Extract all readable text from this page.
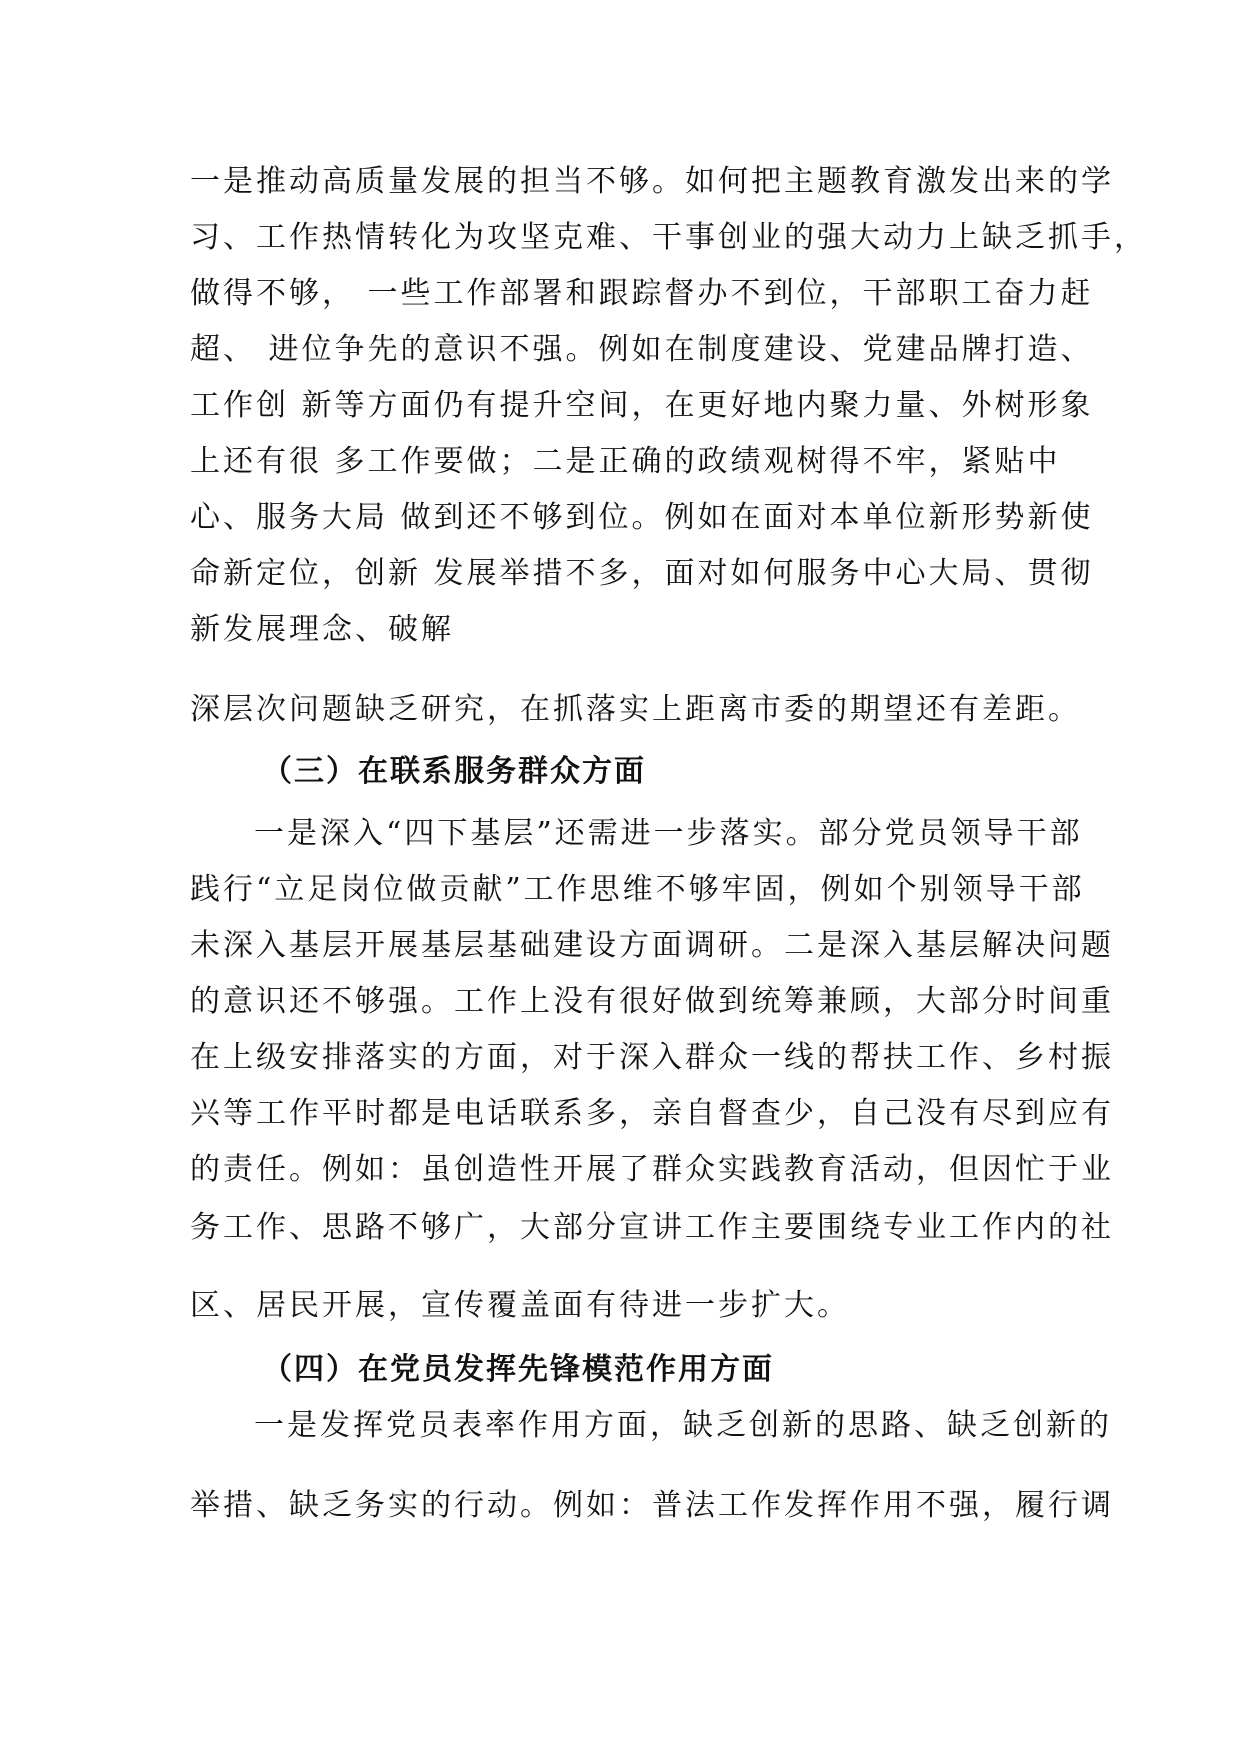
一是推动高质量发展的担当不够。如何把主题教育激发出来的学
习、工作热情转化为攻坚克难、干事创业的强大动力上缺乏抓手，
做得不够， 一些工作部署和跟踪督办不到位，干部职工奋力赶
超、 进位争先的意识不强。例如在制度建设、党建品牌打造、
工作创 新等方面仍有提升空间，在更好地内聚力量、外树形象
上还有很 多工作要做；二是正确的政绩观树得不牢，紧贴中
心、服务大局 做到还不够到位。例如在面对本单位新形势新使
命新定位，创新 发展举措不多，面对如何服务中心大局、贯彻
新发展理念、破解
深层次问题缺乏研究，在抓落实上距离市委的期望还有差距。
（三）在联系服务群众方面
一是深入“四下基层”还需进一步落实。部分党员领导干部
践行“立足岗位做贡献”工作思维不够牢固，例如个别领导干部
未深入基层开展基层基础建设方面调研。二是深入基层解决问题
的意识还不够强。工作上没有很好做到统筹兼顾，大部分时间重
在上级安排落实的方面，对于深入群众一线的帮扶工作、乡村振
兴等工作平时都是电话联系多，亲自督查少，自己没有尽到应有
的责任。例如：虽创造性开展了群众实践教育活动，但因忙于业
务工作、思路不够广，大部分宣讲工作主要围绕专业工作内的社
区、居民开展，宣传覆盖面有待进一步扩大。
（四）在党员发挥先锋模范作用方面
一是发挥党员表率作用方面，缺乏创新的思路、缺乏创新的
举措、缺乏务实的行动。例如：普法工作发挥作用不强，履行调
